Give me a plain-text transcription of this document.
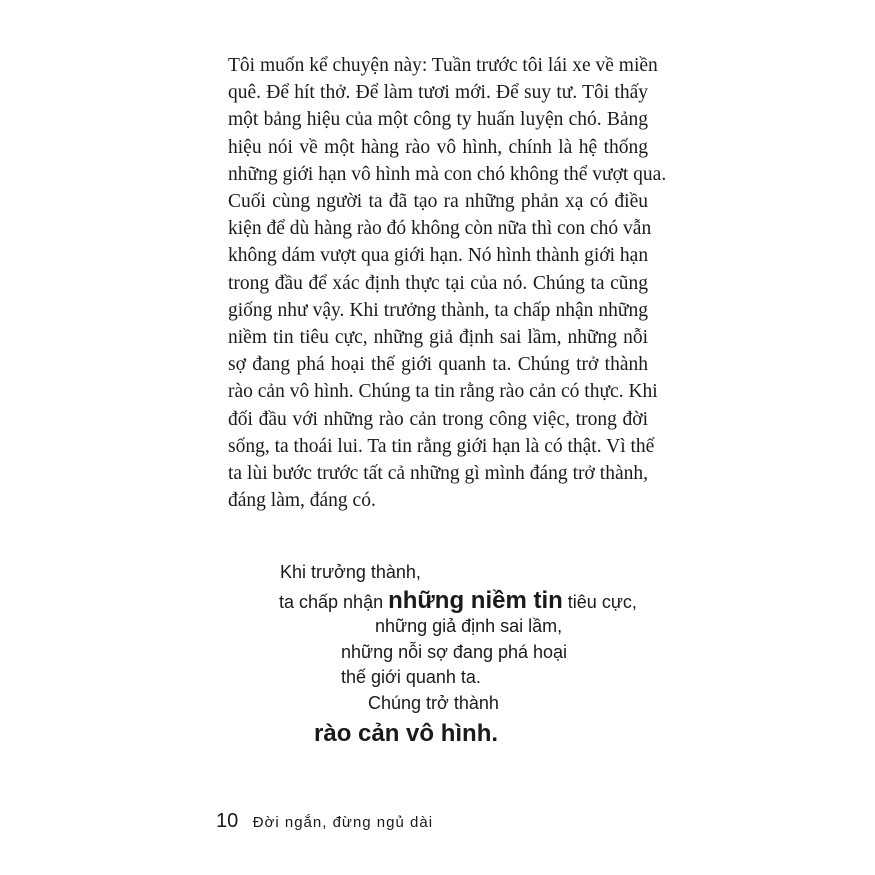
Tôi muốn kể chuyện này: Tuần trước tôi lái xe về miền
quê. Để hít thở. Để làm tươi mới. Để suy tư. Tôi thấy
một bảng hiệu của một công ty huấn luyện chó. Bảng
hiệu nói về một hàng rào vô hình, chính là hệ thống
những giới hạn vô hình mà con chó không thể vượt qua.
Cuối cùng người ta đã tạo ra những phản xạ có điều
kiện để dù hàng rào đó không còn nữa thì con chó vẫn
không dám vượt qua giới hạn. Nó hình thành giới hạn
trong đầu để xác định thực tại của nó. Chúng ta cũng
giống như vậy. Khi trưởng thành, ta chấp nhận những
niềm tin tiêu cực, những giả định sai lầm, những nỗi
sợ đang phá hoại thế giới quanh ta. Chúng trở thành
rào cản vô hình. Chúng ta tin rằng rào cản có thực. Khi
đối đầu với những rào cản trong công việc, trong đời
sống, ta thoái lui. Ta tin rằng giới hạn là có thật. Vì thế
ta lùi bước trước tất cả những gì mình đáng trở thành,
đáng làm, đáng có.
Khi trưởng thành,
ta chấp nhận những niềm tin tiêu cực,
những giả định sai lầm,
những nỗi sợ đang phá hoại
thế giới quanh ta.
Chúng trở thành
rào cản vô hình.
10 Đời ngắn, đừng ngủ dài
